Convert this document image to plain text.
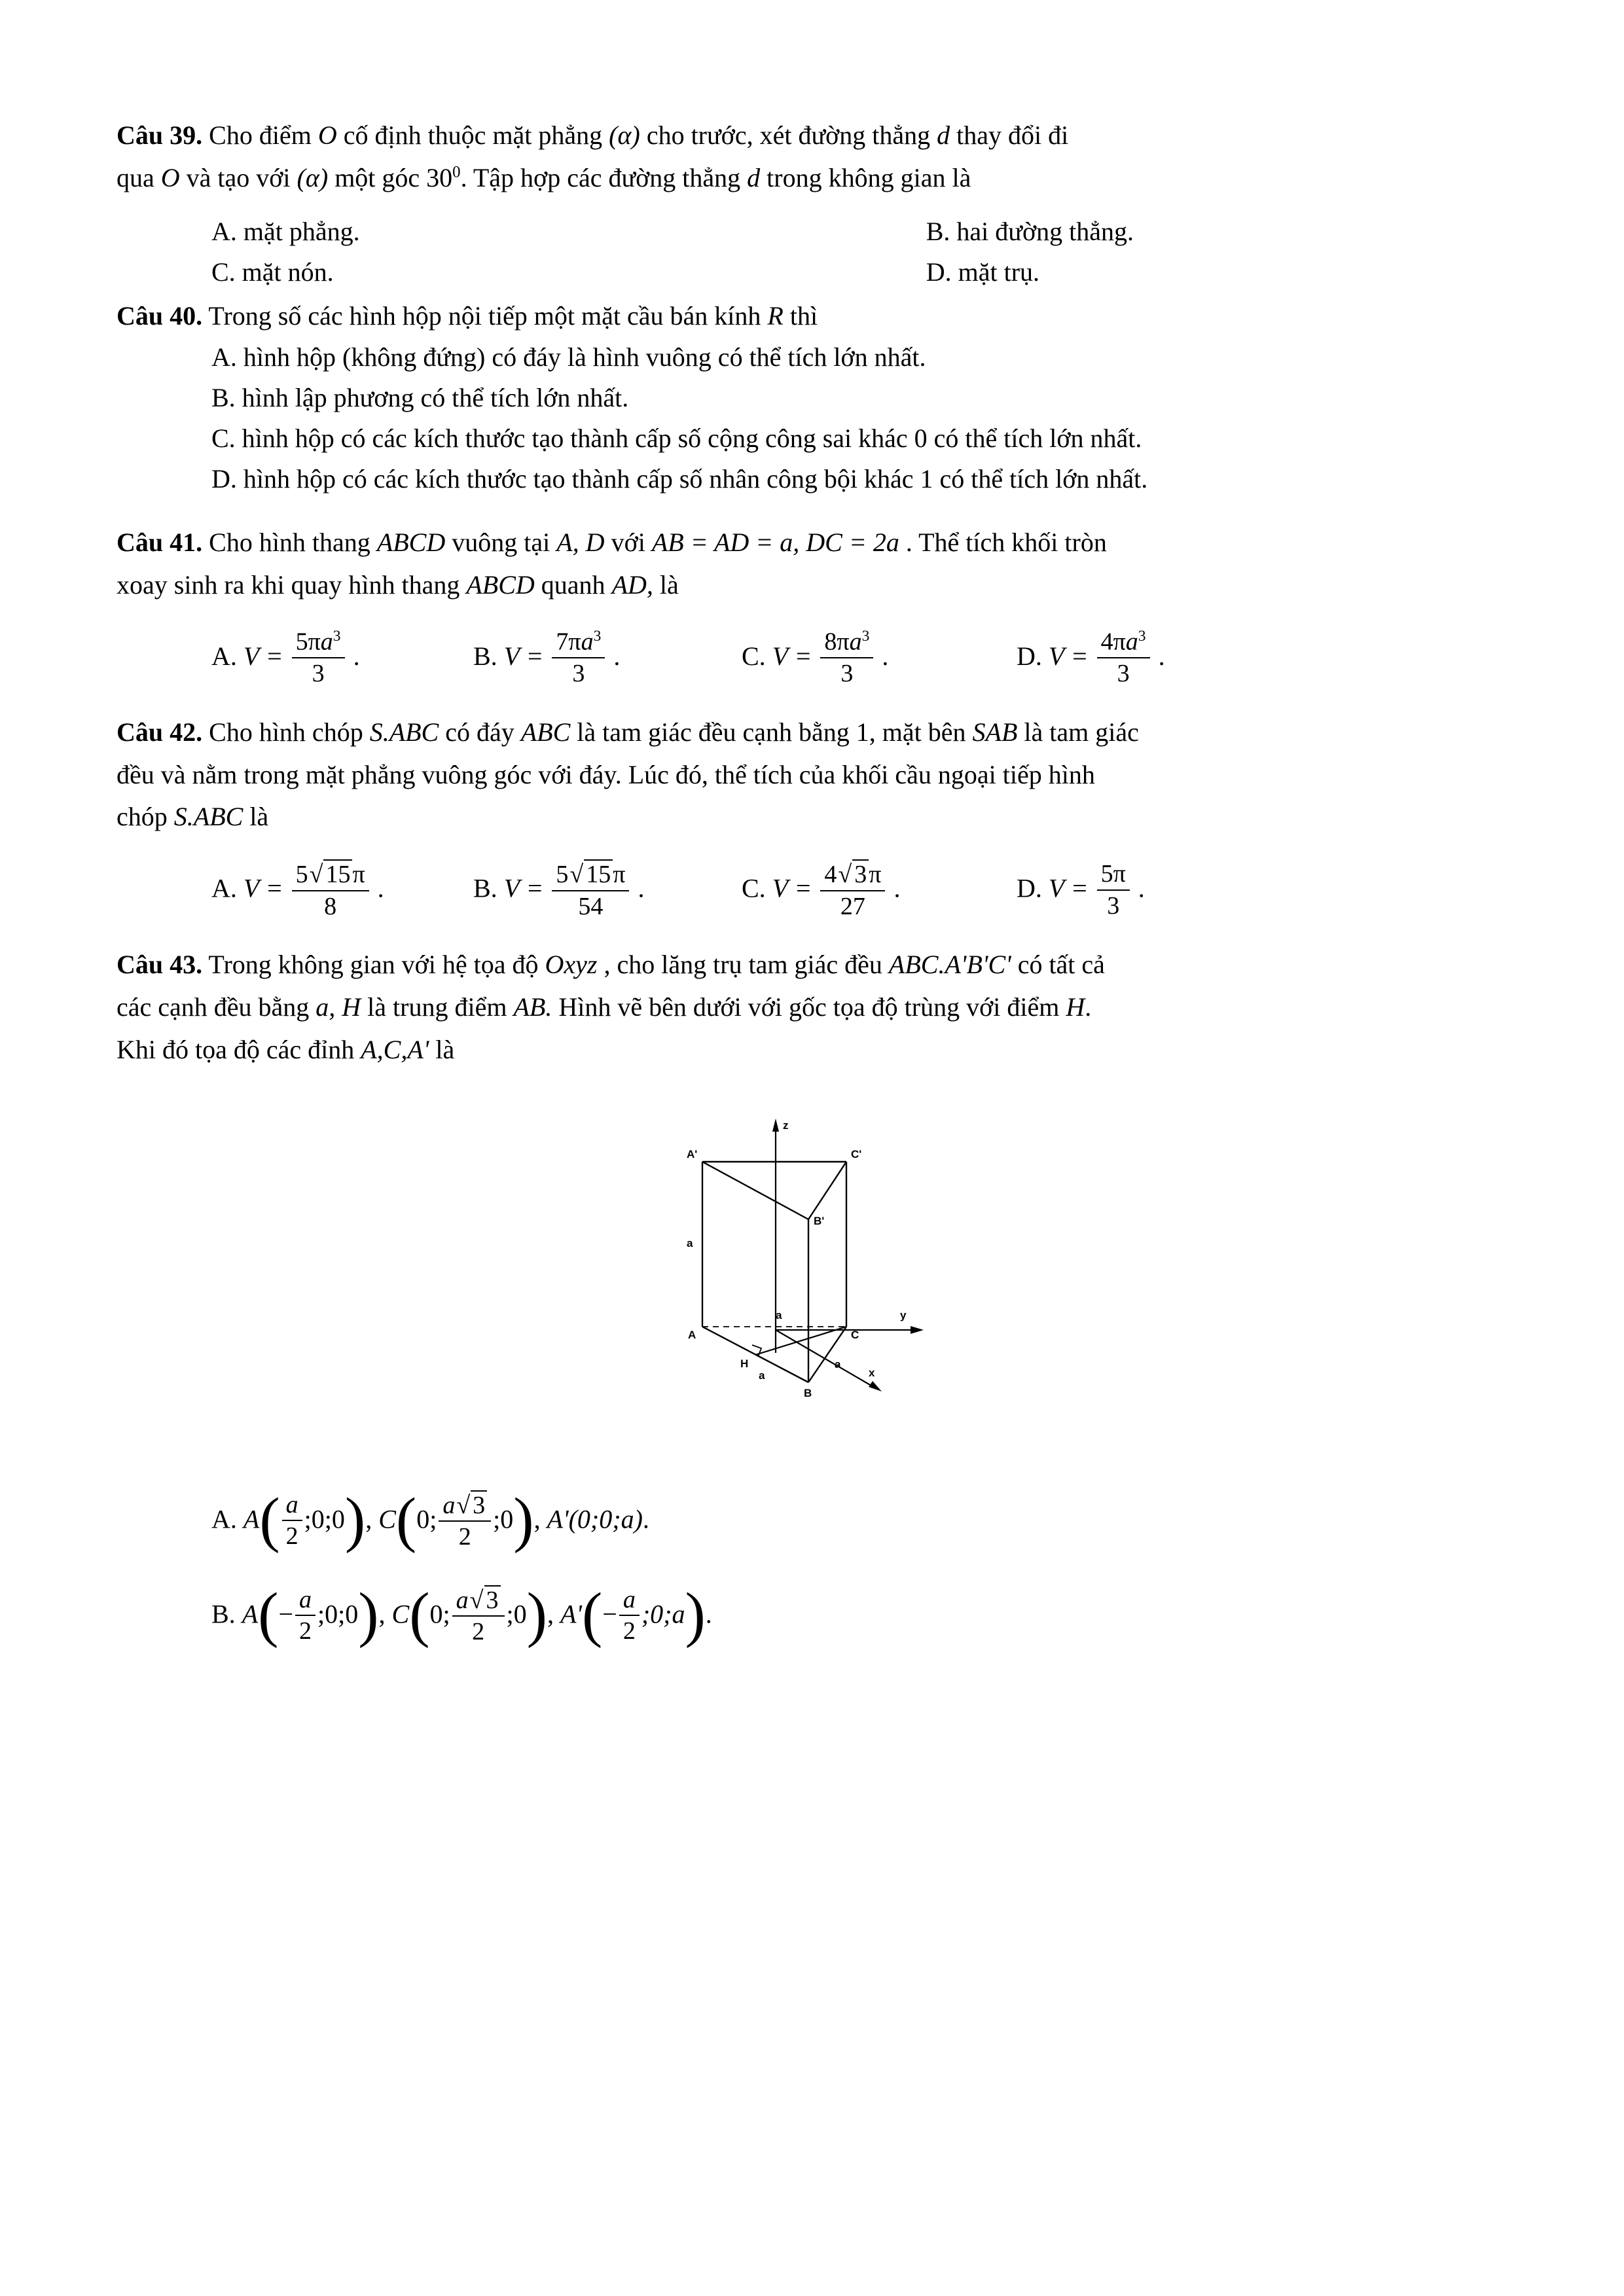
Câu 39. Cho điểm O cố định thuộc mặt phẳng (α) cho trước, xét đường thẳng d thay đổi đi
qua O và tạo với (α) một góc $30^0$. Tập hợp các đường thẳng d trong không gian là
A. mặt phẳng.	B. hai đường thẳng.
C. mặt nón.	D. mặt trụ.
Câu 40. Trong số các hình hộp nội tiếp một mặt cầu bán kính R thì
A. hình hộp (không đứng) có đáy là hình vuông có thể tích lớn nhất.
B. hình lập phương có thể tích lớn nhất.
C. hình hộp có các kích thước tạo thành cấp số cộng công sai khác 0 có thể tích lớn nhất.
D. hình hộp có các kích thước tạo thành cấp số nhân công bội khác 1 có thể tích lớn nhất.
Câu 41. Cho hình thang ABCD vuông tại A, D với AB = AD = a, DC = 2a . Thể tích khối tròn
xoay sinh ra khi quay hình thang ABCD quanh AD, là
A. $V = \frac{5\pi a^3}{3}$ .	B. $V = \frac{7\pi a^3}{3}$ .	C. $V = \frac{8\pi a^3}{3}$ .	D. $V = \frac{4\pi a^3}{3}$ .
Câu 42. Cho hình chóp S.ABC có đáy ABC là tam giác đều cạnh bằng 1, mặt bên SAB là tam giác
đều và nằm trong mặt phẳng vuông góc với đáy. Lúc đó, thể tích của khối cầu ngoại tiếp hình
chóp S.ABC là
A. $V = \frac{5√ 15\pi}{8}$ .	B. $V = \frac{5√ 15\pi}{54}$ .	C. $V = \frac{4√ 3\pi}{27}$ .	D. $V = \frac{5\pi}{3}$ .
Câu 43. Trong không gian với hệ tọa độ Oxyz , cho lăng trụ tam giác đều ABC.A'B'C' có tất cả
các cạnh đều bằng a, H là trung điểm AB. Hình vẽ bên dưới với gốc tọa độ trùng với điểm H.
Khi đó tọa độ các đỉnh A,C,A' là
z
y
x
A'	C'
B'
A	C
B
H
a
a
a
a
A. $A( \frac{a}{2}$ ;0;0), C(0; $\frac{a√ 3}{2}$ ;0), A'(0;0;a).
B. $A(- \frac{a}{2}$ ;0;0), C(0; $\frac{a√ 3}{2}$ ;0), $A'(- \frac{a}{2}$ ;0;a).
